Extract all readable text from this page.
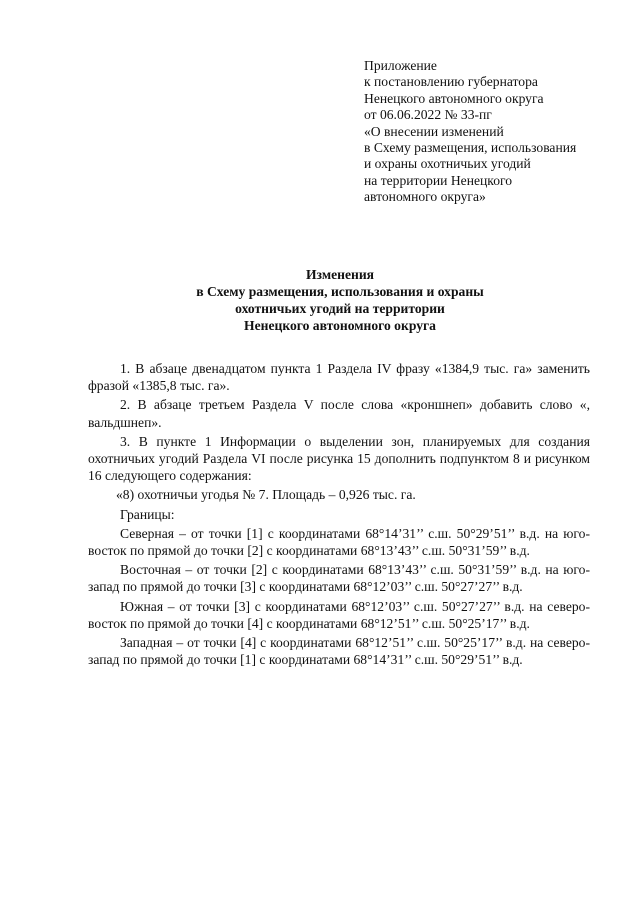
Приложение
к постановлению губернатора
Ненецкого автономного округа
от 06.06.2022 № 33-пг
«О внесении изменений
в Схему размещения, использования
и охраны охотничьих угодий
на территории Ненецкого
автономного округа»
Изменения
в Схему размещения, использования и охраны
охотничьих угодий на территории
Ненецкого автономного округа

1. В абзаце двенадцатом пункта 1 Раздела IV фразу «1384,9 тыс. га» заменить фразой «1385,8 тыс. га».

2. В абзаце третьем Раздела V после слова «кроншнеп» добавить слово «, вальдшнеп».

3. В пункте 1 Информации о выделении зон, планируемых для создания охотничьих угодий Раздела VI после рисунка 15 дополнить подпунктом 8 и рисунком 16 следующего содержания:

«8) охотничьи угодья № 7. Площадь – 0,926 тыс. га.

Границы:

Северная – от точки [1] с координатами 68°14’31’’ с.ш. 50°29’51’’ в.д. на юго-восток по прямой до точки [2] с координатами 68°13’43’’ с.ш. 50°31’59’’ в.д.

Восточная – от точки [2] с координатами 68°13’43’’ с.ш. 50°31’59’’ в.д. на юго-запад по прямой до точки [3] с координатами 68°12’03’’ с.ш. 50°27’27’’ в.д.

Южная – от точки [3] с координатами 68°12’03’’ с.ш. 50°27’27’’ в.д. на северо-восток по прямой до точки [4] с координатами 68°12’51’’ с.ш. 50°25’17’’ в.д.

Западная – от точки [4] с координатами 68°12’51’’ с.ш. 50°25’17’’ в.д. на северо-запад по прямой до точки [1] с координатами 68°14’31’’ с.ш. 50°29’51’’ в.д.
